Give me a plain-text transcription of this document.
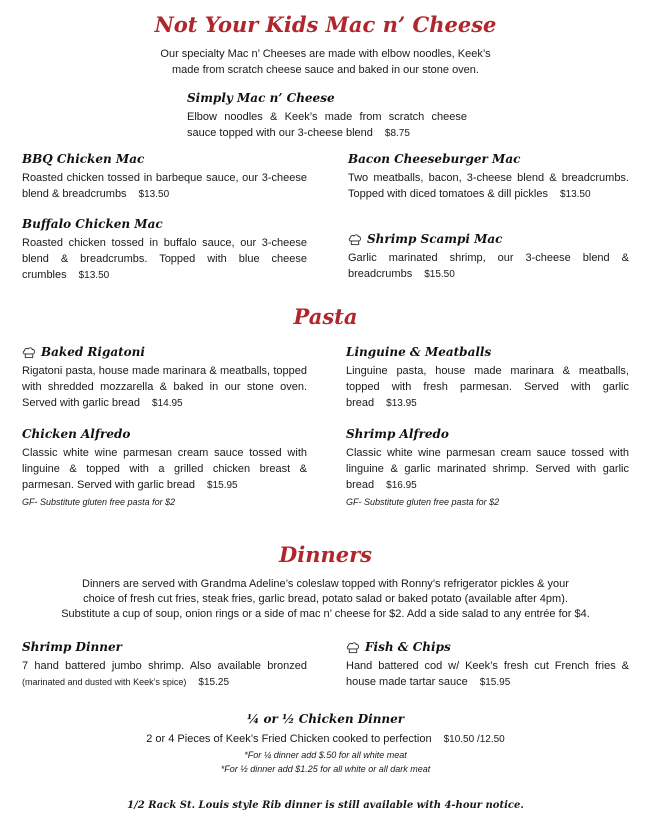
Not Your Kids Mac n’ Cheese
Our specialty Mac n’ Cheeses are made with elbow noodles, Keek’s
made from scratch cheese sauce and baked in our stone oven.
Simply Mac n’ Cheese
Elbow noodles & Keek’s made from scratch cheese sauce topped with our 3-cheese blend $8.75
BBQ Chicken Mac
Roasted chicken tossed in barbeque sauce, our 3-cheese blend & breadcrumbs $13.50
Bacon Cheeseburger Mac
Two meatballs, bacon, 3-cheese blend & breadcrumbs. Topped with diced tomatoes & dill pickles $13.50
Buffalo Chicken Mac
Roasted chicken tossed in buffalo sauce, our 3-cheese blend & breadcrumbs. Topped with blue cheese crumbles $13.50
Shrimp Scampi Mac
Garlic marinated shrimp, our 3-cheese blend & breadcrumbs $15.50
Pasta
Baked Rigatoni
Rigatoni pasta, house made marinara & meatballs, topped with shredded mozzarella & baked in our stone oven. Served with garlic bread $14.95
Linguine & Meatballs
Linguine pasta, house made marinara & meatballs, topped with fresh parmesan. Served with garlic bread $13.95
Chicken Alfredo
Classic white wine parmesan cream sauce tossed with linguine & topped with a grilled chicken breast & parmesan. Served with garlic bread $15.95
GF- Substitute gluten free pasta for $2
Shrimp Alfredo
Classic white wine parmesan cream sauce tossed with linguine & garlic marinated shrimp. Served with garlic bread $16.95
GF- Substitute gluten free pasta for $2
Dinners
Dinners are served with Grandma Adeline’s coleslaw topped with Ronny’s refrigerator pickles & your
choice of fresh cut fries, steak fries, garlic bread, potato salad or baked potato (available after 4pm).
Substitute a cup of soup, onion rings or a side of mac n’ cheese for $2. Add a side salad to any entrée for $4.
Shrimp Dinner
7 hand battered jumbo shrimp. Also available bronzed (marinated and dusted with Keek’s spice) $15.25
Fish & Chips
Hand battered cod w/ Keek’s fresh cut French fries & house made tartar sauce $15.95
¼ or ½ Chicken Dinner
2 or 4 Pieces of Keek’s Fried Chicken cooked to perfection $10.50 /12.50
*For ¼ dinner add $.50 for all white meat
*For ½ dinner add $1.25 for all white or all dark meat
1/2 Rack St. Louis style Rib dinner is still available with 4-hour notice.
